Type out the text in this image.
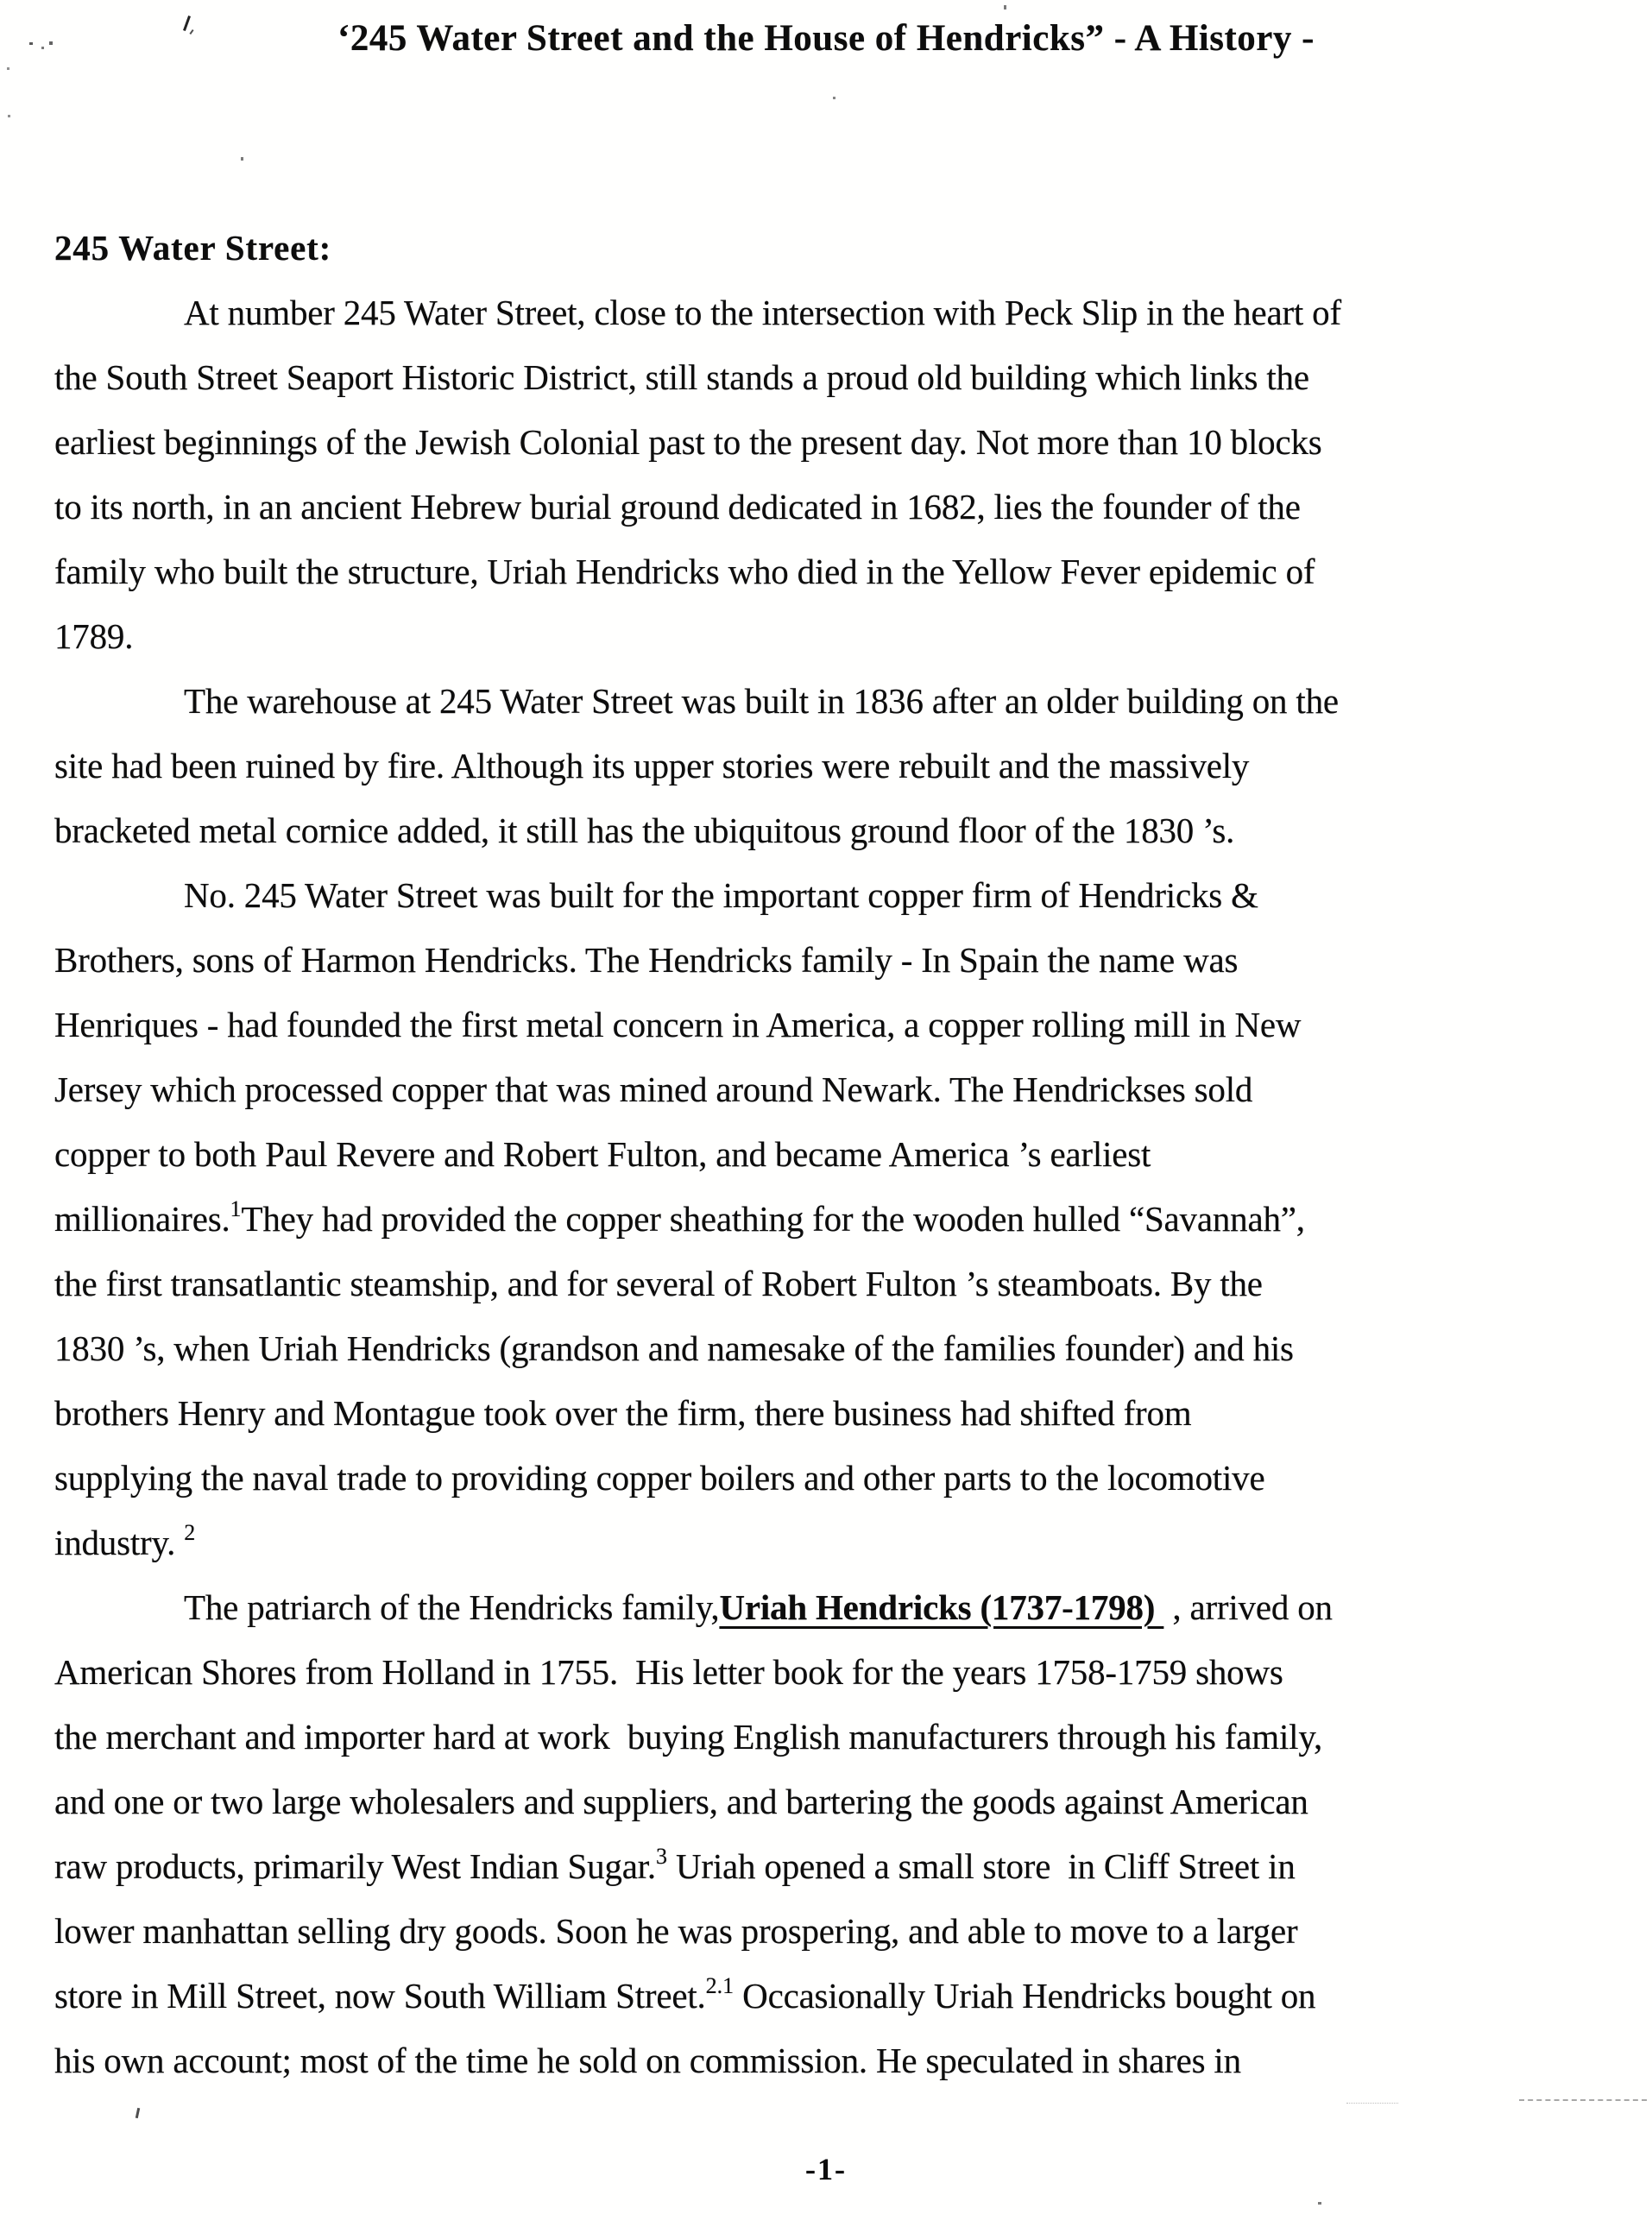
‘245 Water Street and the House of Hendricks” - A History -
245 Water Street:
At number 245 Water Street, close to the intersection with Peck Slip in the heart of
the South Street Seaport Historic District, still stands a proud old building which links the
earliest beginnings of the Jewish Colonial past to the present day. Not more than 10 blocks
to its north, in an ancient Hebrew burial ground dedicated in 1682, lies the founder of the
family who built the structure, Uriah Hendricks who died in the Yellow Fever epidemic of
1789.
The warehouse at 245 Water Street was built in 1836 after an older building on the
site had been ruined by fire. Although its upper stories were rebuilt and the massively
bracketed metal cornice added, it still has the ubiquitous ground floor of the 1830 ’s.
No. 245 Water Street was built for the important copper firm of Hendricks &
Brothers, sons of Harmon Hendricks. The Hendricks family - In Spain the name was
Henriques - had founded the first metal concern in America, a copper rolling mill in New
Jersey which processed copper that was mined around Newark. The Hendrickses sold
copper to both Paul Revere and Robert Fulton, and became America ’s earliest
millionaires.$^1$They had provided the copper sheathing for the wooden hulled “Savannah”,
the first transatlantic steamship, and for several of Robert Fulton ’s steamboats. By the
1830 ’s, when Uriah Hendricks (grandson and namesake of the families founder) and his
brothers Henry and Montague took over the firm, there business had shifted from
supplying the naval trade to providing copper boilers and other parts to the locomotive
industry. $^2$
The patriarch of the Hendricks family,Uriah Hendricks (1737-1798)  , arrived on
American Shores from Holland in 1755.  His letter book for the years 1758-1759 shows
the merchant and importer hard at work  buying English manufacturers through his family,
and one or two large wholesalers and suppliers, and bartering the goods against American
raw products, primarily West Indian Sugar.$^3$ Uriah opened a small store  in Cliff Street in
lower manhattan selling dry goods. Soon he was prospering, and able to move to a larger
store in Mill Street, now South William Street.$^{2.1}$ Occasionally Uriah Hendricks bought on
his own account; most of the time he sold on commission. He speculated in shares in
-1-
